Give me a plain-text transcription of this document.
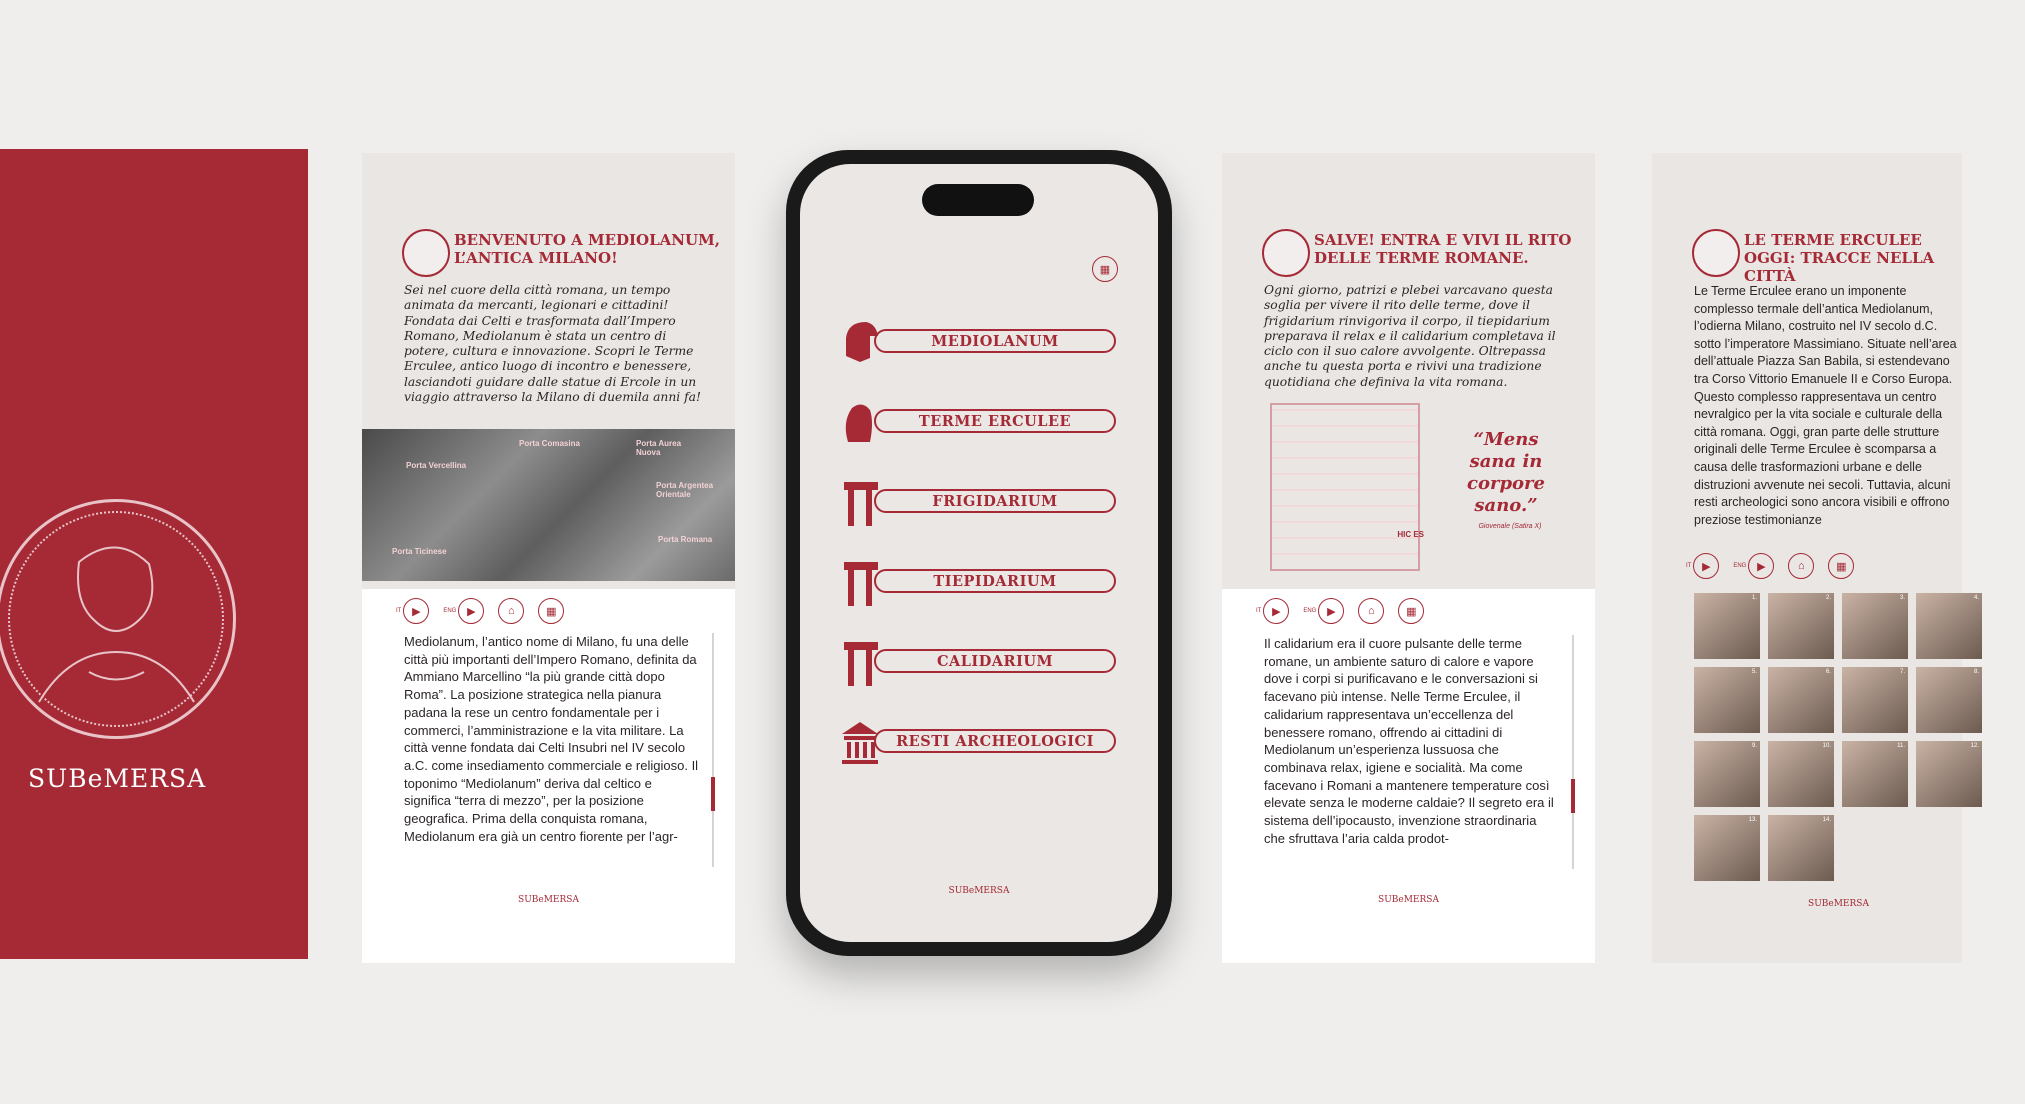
SUBeMERSA
BENVENUTO A MEDIOLANUM, L’ANTICA MILANO!
Sei nel cuore della città romana, un tempo animata da mercanti, legionari e cittadini! Fondata dai Celti e trasformata dall’Impero Romano, Mediolanum è stata un centro di potere, cultura e innovazione. Scopri le Terme Erculee, antico luogo di incontro e benessere, lasciandoti guidare dalle statue di Ercole in un viaggio attraverso la Milano di duemila anni fa!
Porta Comasina	Porta Aurea Nuova
Porta Vercellina
Porta Argentea Orientale
Porta Ticinese
Porta Romana
IT ▶	ENG ▶	⌂	▦
Mediolanum, l’antico nome di Milano, fu una delle città più importanti dell’Impero Romano, definita da Ammiano Marcellino “la più grande città dopo Roma”. La posizione strategica nella pianura padana la rese un centro fondamentale per i commerci, l’amministrazione e la vita militare. La città venne fondata dai Celti Insubri nel IV secolo a.C. come insediamento commerciale e religioso. Il toponimo “Mediolanum” deriva dal celtico e significa “terra di mezzo”, per la posizione geografica. Prima della conquista romana, Mediolanum era già un centro fiorente per l’agr-
SUBeMERSA
▦
MEDIOLANUM
TERME ERCULEE
FRIGIDARIUM
TIEPIDARIUM
CALIDARIUM
RESTI ARCHEOLOGICI
SUBeMERSA
SALVE! ENTRA E VIVI IL RITO DELLE TERME ROMANE.
Ogni giorno, patrizi e plebei varcavano questa soglia per vivere il rito delle terme, dove il frigidarium rinvigoriva il corpo, il tiepidarium preparava il relax e il calidarium completava il ciclo con il suo calore avvolgente. Oltrepassa anche tu questa porta e rivivi una tradizione quotidiana che definiva la vita romana.
HIC ES
“Mens sana in corpore sano.”
Giovenale (Satira X)
IT ▶	ENG ▶	⌂	▦
Il calidarium era il cuore pulsante delle terme romane, un ambiente saturo di calore e vapore dove i corpi si purificavano e le conversazioni si facevano più intense. Nelle Terme Erculee, il calidarium rappresentava un’eccellenza del benessere romano, offrendo ai cittadini di Mediolanum un’esperienza lussuosa che combinava relax, igiene e socialità. Ma come facevano i Romani a mantenere temperature così elevate senza le moderne caldaie? Il segreto era il sistema dell’ipocausto, invenzione straordinaria che sfruttava l’aria calda prodot-
SUBeMERSA
LE TERME ERCULEE OGGI: TRACCE NELLA CITTÀ
Le Terme Erculee erano un imponente complesso termale dell’antica Mediolanum, l’odierna Milano, costruito nel IV secolo d.C. sotto l’imperatore Massimiano. Situate nell’area dell’attuale Piazza San Babila, si estendevano tra Corso Vittorio Emanuele II e Corso Europa. Questo complesso rappresentava un centro nevralgico per la vita sociale e culturale della città romana. Oggi, gran parte delle strutture originali delle Terme Erculee è scomparsa a causa delle trasformazioni urbane e delle distruzioni avvenute nei secoli. Tuttavia, alcuni resti archeologici sono ancora visibili e offrono preziose testimonianze
IT ▶	ENG ▶	⌂	▦
1.	2.	3.	4.
5.	6.	7.	8.
9.	10.	11.	12.
13.	14.
SUBeMERSA
